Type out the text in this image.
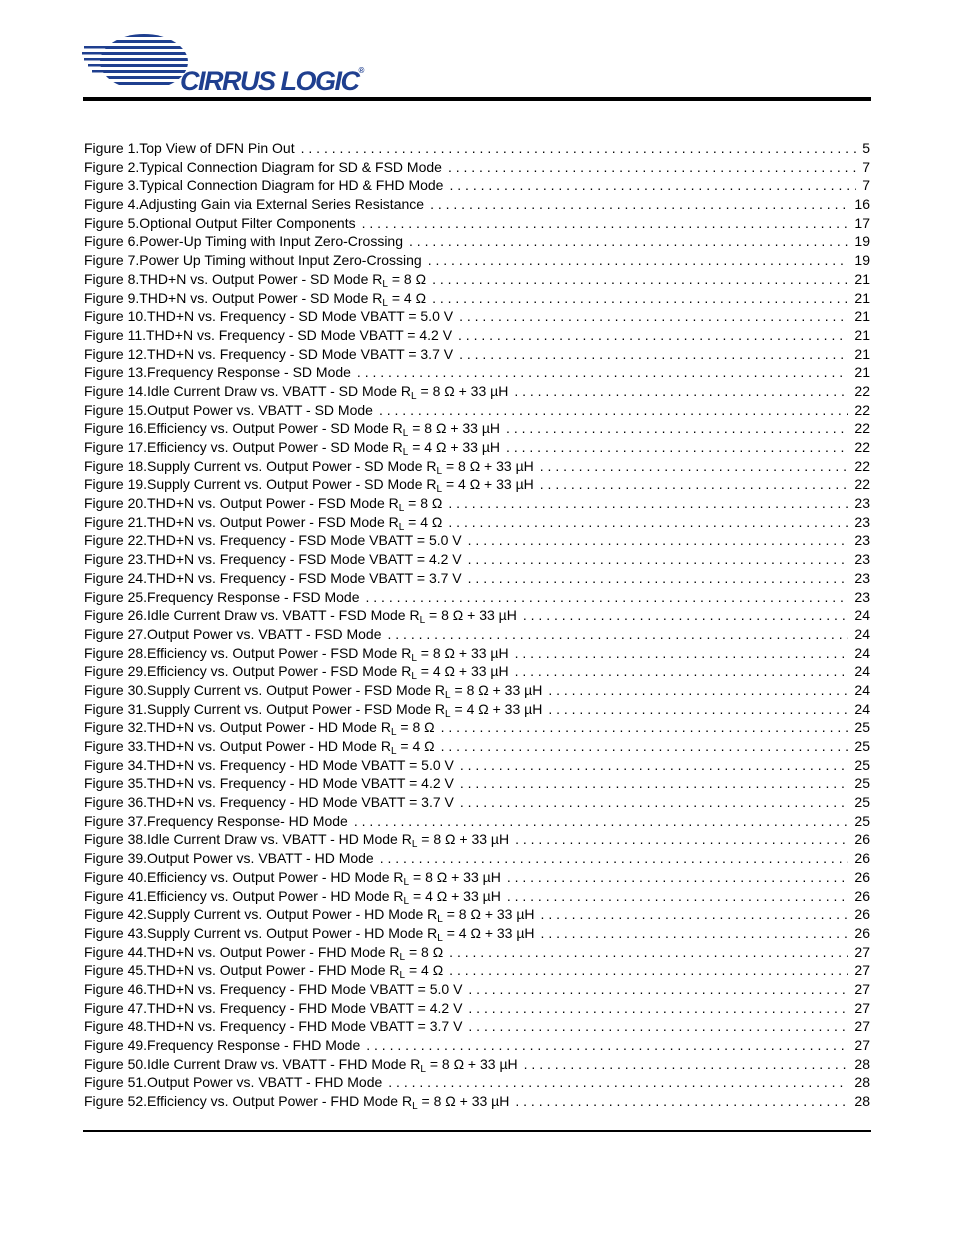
CIRRUS LOGIC®
Figure 1.Top View of DFN Pin Out . . .	5
Figure 2.Typical Connection Diagram for SD & FSD Mode . . .	7
Figure 3.Typical Connection Diagram for HD & FHD Mode . . .	7
Figure 4.Adjusting Gain via External Series Resistance . . .	16
Figure 5.Optional Output Filter Components . . .	17
Figure 6.Power-Up Timing with Input Zero-Crossing . . .	19
Figure 7.Power Up Timing without Input Zero-Crossing . . .	19
Figure 8.THD+N vs. Output Power - SD Mode $R_L = 8$ Ω . . .	21
Figure 9.THD+N vs. Output Power - SD Mode $R_L = 4$ Ω . . .	21
Figure 10.THD+N vs. Frequency - SD Mode VBATT = 5.0 V . . .	21
Figure 11.THD+N vs. Frequency - SD Mode VBATT = 4.2 V . . .	21
Figure 12.THD+N vs. Frequency - SD Mode VBATT = 3.7 V . . .	21
Figure 13.Frequency Response - SD Mode . . .	21
Figure 14.Idle Current Draw vs. VBATT - SD Mode $R_L = 8$ Ω + 33 µH . . .	22
Figure 15.Output Power vs. VBATT - SD Mode . . .	22
Figure 16.Efficiency vs. Output Power - SD Mode $R_L = 8$ Ω + 33 µH . . .	22
Figure 17.Efficiency vs. Output Power - SD Mode $R_L = 4$ Ω + 33 µH . . .	22
Figure 18.Supply Current vs. Output Power - SD Mode $R_L = 8$ Ω + 33 µH . . .	22
Figure 19.Supply Current vs. Output Power - SD Mode $R_L = 4$ Ω + 33 µH . . .	22
Figure 20.THD+N vs. Output Power - FSD Mode $R_L = 8$ Ω . . .	23
Figure 21.THD+N vs. Output Power - FSD Mode $R_L = 4$ Ω . . .	23
Figure 22.THD+N vs. Frequency - FSD Mode VBATT = 5.0 V . . .	23
Figure 23.THD+N vs. Frequency - FSD Mode VBATT = 4.2 V . . .	23
Figure 24.THD+N vs. Frequency - FSD Mode VBATT = 3.7 V . . .	23
Figure 25.Frequency Response - FSD Mode . . .	23
Figure 26.Idle Current Draw vs. VBATT - FSD Mode $R_L = 8$ Ω + 33 µH . . .	24
Figure 27.Output Power vs. VBATT - FSD Mode . . .	24
Figure 28.Efficiency vs. Output Power - FSD Mode $R_L = 8$ Ω + 33 µH . . .	24
Figure 29.Efficiency vs. Output Power - FSD Mode $R_L = 4$ Ω + 33 µH . . .	24
Figure 30.Supply Current vs. Output Power - FSD Mode $R_L = 8$ Ω + 33 µH . . .	24
Figure 31.Supply Current vs. Output Power - FSD Mode $R_L = 4$ Ω + 33 µH . . .	24
Figure 32.THD+N vs. Output Power - HD Mode $R_L = 8$ Ω . . .	25
Figure 33.THD+N vs. Output Power - HD Mode $R_L = 4$ Ω . . .	25
Figure 34.THD+N vs. Frequency - HD Mode VBATT = 5.0 V . . .	25
Figure 35.THD+N vs. Frequency - HD Mode VBATT = 4.2 V . . .	25
Figure 36.THD+N vs. Frequency - HD Mode VBATT = 3.7 V . . .	25
Figure 37.Frequency Response- HD Mode . . .	25
Figure 38.Idle Current Draw vs. VBATT - HD Mode $R_L = 8$ Ω + 33 µH . . .	26
Figure 39.Output Power vs. VBATT - HD Mode . . .	26
Figure 40.Efficiency vs. Output Power - HD Mode $R_L = 8$ Ω + 33 µH . . .	26
Figure 41.Efficiency vs. Output Power - HD Mode $R_L = 4$ Ω + 33 µH . . .	26
Figure 42.Supply Current vs. Output Power - HD Mode $R_L = 8$ Ω + 33 µH . . .	26
Figure 43.Supply Current vs. Output Power - HD Mode $R_L = 4$ Ω + 33 µH . . .	26
Figure 44.THD+N vs. Output Power - FHD Mode $R_L = 8$ Ω . . .	27
Figure 45.THD+N vs. Output Power - FHD Mode $R_L = 4$ Ω . . .	27
Figure 46.THD+N vs. Frequency - FHD Mode VBATT = 5.0 V . . .	27
Figure 47.THD+N vs. Frequency - FHD Mode VBATT = 4.2 V . . .	27
Figure 48.THD+N vs. Frequency - FHD Mode VBATT = 3.7 V . . .	27
Figure 49.Frequency Response - FHD Mode . . .	27
Figure 50.Idle Current Draw vs. VBATT - FHD Mode $R_L = 8$ Ω + 33 µH . . .	28
Figure 51.Output Power vs. VBATT - FHD Mode . . .	28
Figure 52.Efficiency vs. Output Power - FHD Mode $R_L = 8$ Ω + 33 µH . . .	28
